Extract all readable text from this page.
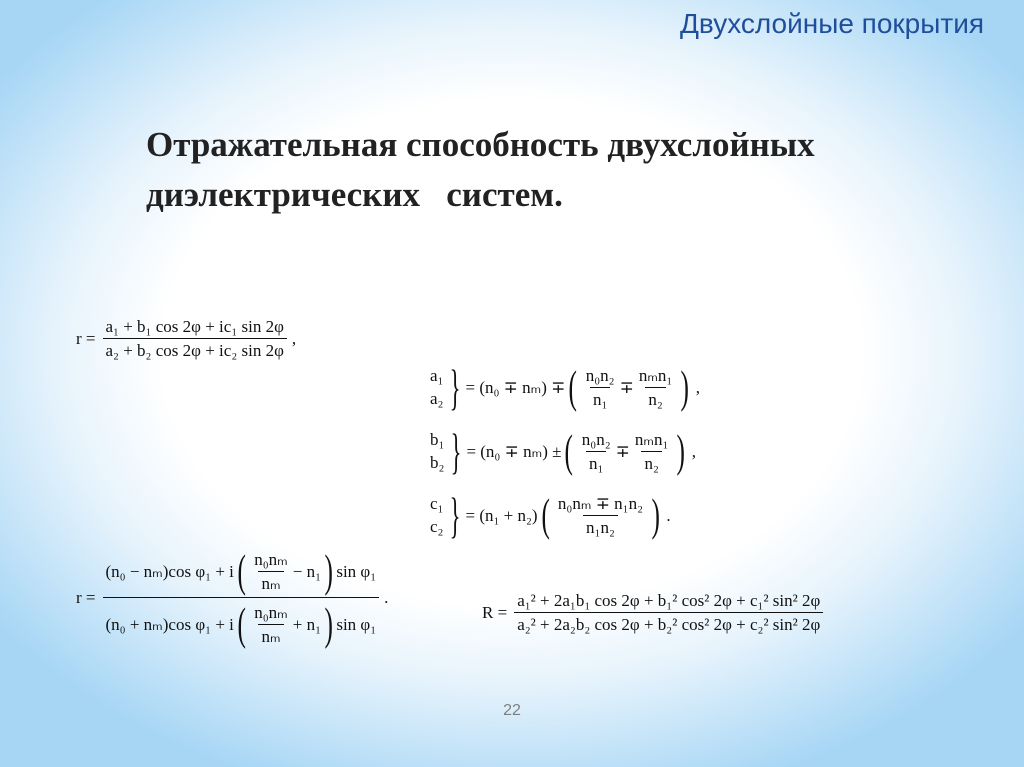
Двухслойные покрытия
Отражательная способность двухслойных
диэлектрических   систем.
$r = \frac{\text{a₁ + b₁ cos 2φ + ic₁ sin 2φ}}{\text{a₂ + b₂ cos 2φ + ic₂ sin 2φ}}$ ,
a₁
a₂ } = (n₀ ∓ nₘ) ∓ ( $\frac{\text{n₀n₂}}{\text{n₁}} \mp \frac{\text{nₘn₁}}{\text{n₂}}$ ) ,
b₁
b₂ } = (n₀ ∓ nₘ) ± ( $\frac{\text{n₀n₂}}{\text{n₁}} \mp \frac{\text{nₘn₁}}{\text{n₂}}$ ) ,
c₁
c₂ } = (n₁ + n₂) ( $\frac{\text{n₀nₘ ∓ n₁n₂}}{\text{n₁n₂}}$ ) .
r =
(n₀ − nₘ)cos φ₁ + i ( $\frac{\text{n₀nₘ}}{\text{nₘ}} - n_1$ ) sin φ₁
(n₀ + nₘ)cos φ₁ + i ( $\frac{\text{n₀nₘ}}{\text{nₘ}} + n_1$ ) sin φ₁
.
$R = \frac{\text{a₁² + 2a₁b₁ cos 2φ + b₁² cos² 2φ + c₁² sin² 2φ}}{\text{a₂² + 2a₂b₂ cos 2φ + b₂² cos² 2φ + c₂² sin² 2φ}}$
22
